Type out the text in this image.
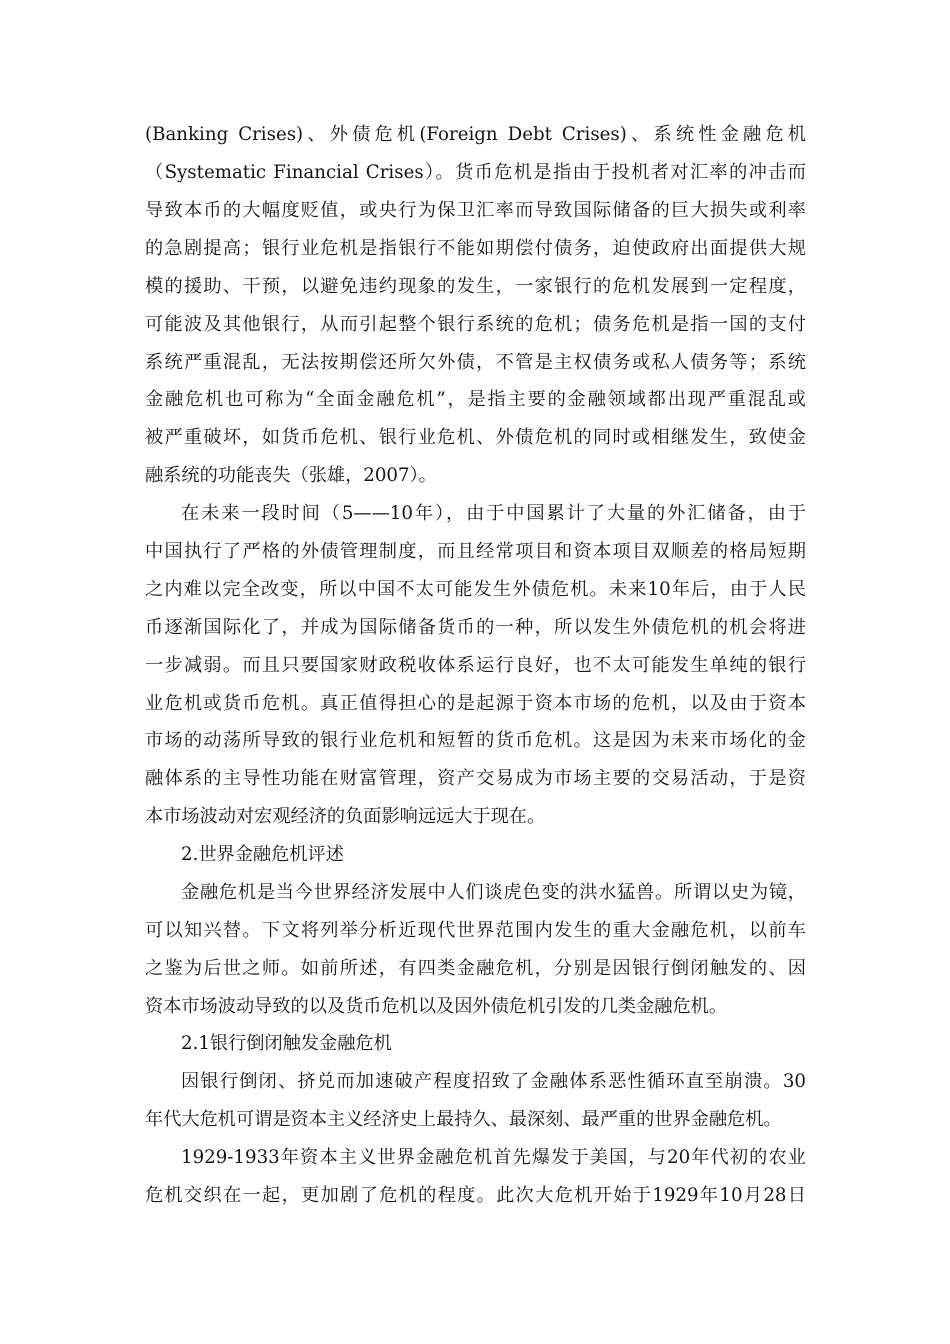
(Banking Crises)、外债危机(Foreign Debt Crises)、系统性金融危机
（Systematic Financial Crises）。货币危机是指由于投机者对汇率的冲击而
导致本币的大幅度贬值，或央行为保卫汇率而导致国际储备的巨大损失或利率
的急剧提高；银行业危机是指银行不能如期偿付债务，迫使政府出面提供大规
模的援助、干预，以避免违约现象的发生，一家银行的危机发展到一定程度，
可能波及其他银行，从而引起整个银行系统的危机；债务危机是指一国的支付
系统严重混乱，无法按期偿还所欠外债，不管是主权债务或私人债务等；系统
金融危机也可称为“全面金融危机”，是指主要的金融领域都出现严重混乱或
被严重破坏，如货币危机、银行业危机、外债危机的同时或相继发生，致使金
融系统的功能丧失（张雄，2007）。
在未来一段时间（5——10年），由于中国累计了大量的外汇储备，由于
中国执行了严格的外债管理制度，而且经常项目和资本项目双顺差的格局短期
之内难以完全改变，所以中国不太可能发生外债危机。未来10年后，由于人民
币逐渐国际化了，并成为国际储备货币的一种，所以发生外债危机的机会将进
一步减弱。而且只要国家财政税收体系运行良好，也不太可能发生单纯的银行
业危机或货币危机。真正值得担心的是起源于资本市场的危机，以及由于资本
市场的动荡所导致的银行业危机和短暂的货币危机。这是因为未来市场化的金
融体系的主导性功能在财富管理，资产交易成为市场主要的交易活动，于是资
本市场波动对宏观经济的负面影响远远大于现在。
2.世界金融危机评述
金融危机是当今世界经济发展中人们谈虎色变的洪水猛兽。所谓以史为镜，
可以知兴替。下文将列举分析近现代世界范围内发生的重大金融危机，以前车
之鉴为后世之师。如前所述，有四类金融危机，分别是因银行倒闭触发的、因
资本市场波动导致的以及货币危机以及因外债危机引发的几类金融危机。
2.1银行倒闭触发金融危机
因银行倒闭、挤兑而加速破产程度招致了金融体系恶性循环直至崩溃。30
年代大危机可谓是资本主义经济史上最持久、最深刻、最严重的世界金融危机。
1929-1933年资本主义世界金融危机首先爆发于美国，与20年代初的农业
危机交织在一起，更加剧了危机的程度。此次大危机开始于1929年10月28日
